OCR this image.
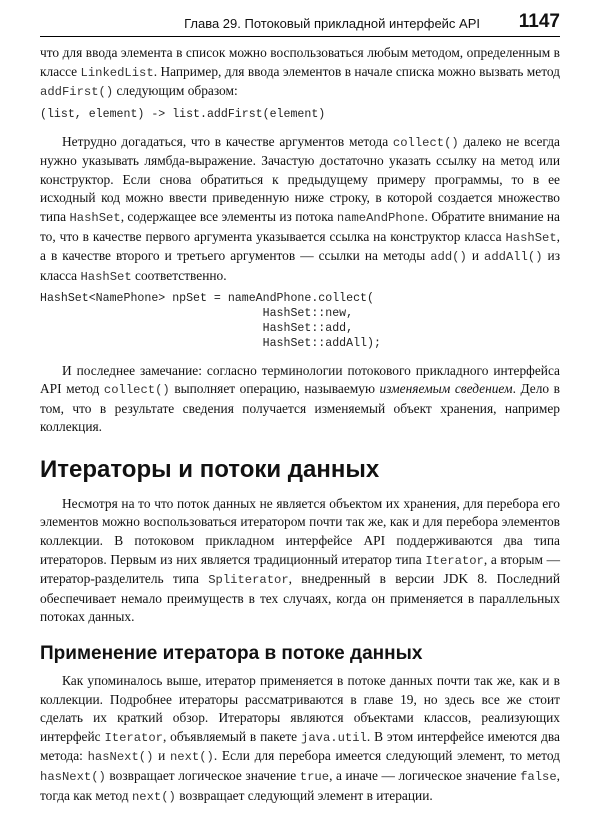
Глава 29. Потоковый прикладной интерфейс API 1147

что для ввода элемента в список можно воспользоваться любым методом, определенным в классе LinkedList. Например, для ввода элементов в начале списка можно вызвать метод addFirst() следующим образом:

(list, element) -> list.addFirst(element)

Нетрудно догадаться, что в качестве аргументов метода collect() далеко не всегда нужно указывать лямбда-выражение. Зачастую достаточно указать ссылку на метод или конструктор. Если снова обратиться к предыдущему примеру программы, то в ее исходный код можно ввести приведенную ниже строку, в которой создается множество типа HashSet, содержащее все элементы из потока nameAndPhone. Обратите внимание на то, что в качестве первого аргумента указывается ссылка на конструктор класса HashSet, а в качестве второго и третьего аргументов — ссылки на методы add() и addAll() из класса HashSet соответственно.

HashSet<NamePhone> npSet = nameAndPhone.collect(
HashSet::new,
HashSet::add,
HashSet::addAll);

И последнее замечание: согласно терминологии потокового прикладного интерфейса API метод collect() выполняет операцию, называемую изменяемым сведением. Дело в том, что в результате сведения получается изменяемый объект хранения, например коллекция.

Итераторы и потоки данных

Несмотря на то что поток данных не является объектом их хранения, для перебора его элементов можно воспользоваться итератором почти так же, как и для перебора элементов коллекции. В потоковом прикладном интерфейсе API поддерживаются два типа итераторов. Первым из них является традиционный итератор типа Iterator, а вторым — итератор-разделитель типа Spliterator, внедренный в версии JDK 8. Последний обеспечивает немало преимуществ в тех случаях, когда он применяется в параллельных потоках данных.

Применение итератора в потоке данных

Как упоминалось выше, итератор применяется в потоке данных почти так же, как и в коллекции. Подробнее итераторы рассматриваются в главе 19, но здесь все же стоит сделать их краткий обзор. Итераторы являются объектами классов, реализующих интерфейс Iterator, объявляемый в пакете java.util. В этом интерфейсе имеются два метода: hasNext() и next(). Если для перебора имеется следующий элемент, то метод hasNext() возвращает логическое значение true, а иначе — логическое значение false, тогда как метод next() возвращает следующий элемент в итерации.
